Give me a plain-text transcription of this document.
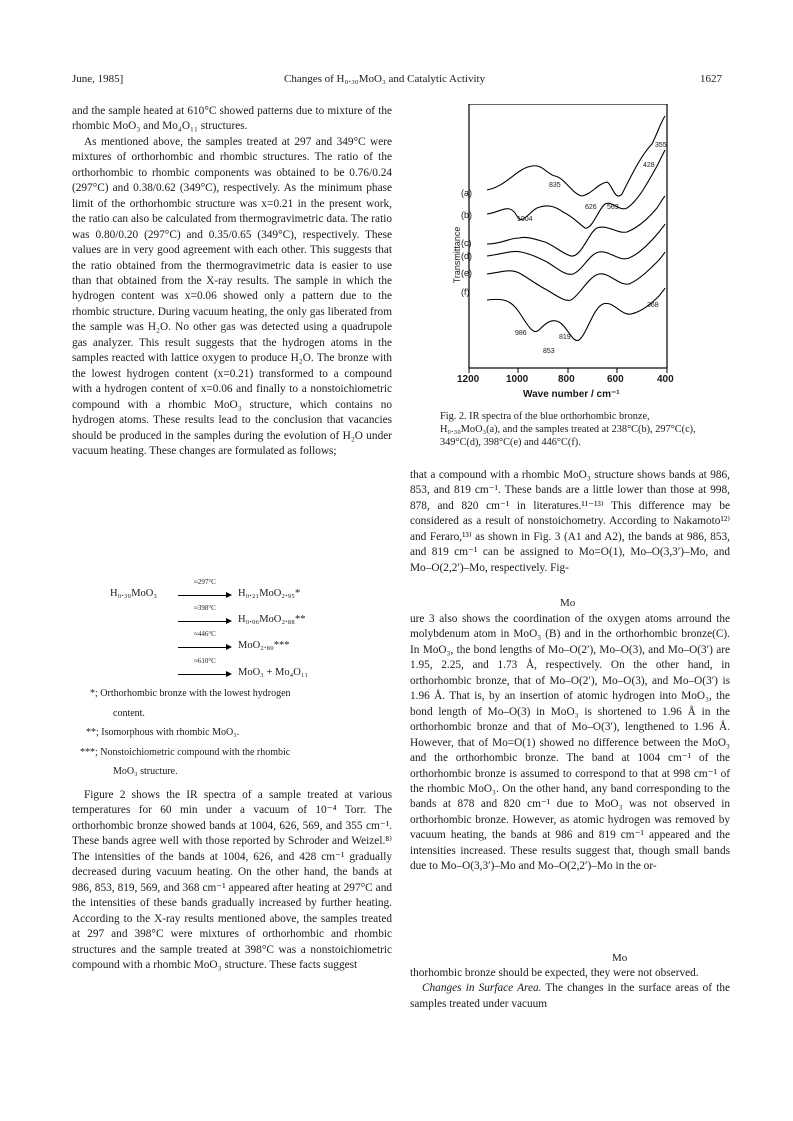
June, 1985]	Changes of H₀.₃₀MoO₃ and Catalytic Activity	1627

and the sample heated at 610°C showed patterns due to mixture of the rhombic MoO₃ and Mo₄O₁₁ structures.

As mentioned above, the samples treated at 297 and 349°C were mixtures of orthorhombic and rhombic structures. The ratio of the orthorhombic to rhombic components was obtained to be 0.76/0.24 (297°C) and 0.38/0.62 (349°C), respectively. As the minimum phase limit of the orthorhombic structure was x=0.21 in the present work, the ratio can also be calculated from thermogravimetric data. The ratio was 0.80/0.20 (297°C) and 0.35/0.65 (349°C), respectively. These values are in very good agreement with each other. This suggests that the ratio obtained from the thermogravimetric data is easier to use than that obtained from the X-ray results. The sample in which the hydrogen content was x=0.06 showed only a pattern due to the rhombic structure. During vacuum heating, the only gas liberated from the sample was H₂O. No other gas was detected using a quadrupole gas analyzer. This result suggests that the hydrogen atoms in the samples reacted with lattice oxygen to produce H₂O. The bronze with the lowest hydrogen content (x=0.21) transformed to a compound with a hydrogen content of x=0.06 and finally to a nonstoichiometric compound with a rhombic MoO₃ structure, which contains no hydrogen atoms. These results lead to the conclusion that vacancies should be produced in the samples during the evolution of H₂O under vacuum heating. These changes are formulated as follows;

H₀.₃₀MoO₃
≈297°C
H₀.₂₁MoO₂.₉₅*
≈398°C
H₀.₀₆MoO₂.₈₈**
≈446°C
MoO₂.₈₀***
≈610°C
MoO₃ + Mo₄O₁₁
*; Orthorhombic bronze with the lowest hydrogen
content.
**; Isomorphous with rhombic MoO₃.
***; Nonstoichiometric compound with the rhombic
MoO₃ structure.

Figure 2 shows the IR spectra of a sample treated at various temperatures for 60 min under a vacuum of 10⁻⁴ Torr. The orthorhombic bronze showed bands at 1004, 626, 569, and 355 cm⁻¹. These bands agree well with those reported by Schroder and Weizel.⁸⁾ The intensities of the bands at 1004, 626, and 428 cm⁻¹ gradually decreased during vacuum heating. On the other hand, the bands at 986, 853, 819, 569, and 368 cm⁻¹ appeared after heating at 297°C and the intensities of these bands gradually increased by further heating. According to the X-ray results mentioned above, the samples treated at 297 and 398°C were mixtures of orthorhombic and rhombic structures and the sample treated at 398°C was a nonstoichiometric compound with a rhombic MoO₃ structure. These facts suggest

Transmittance
(a)
(b)
(c)
(d)
(e)
(f)
355
428
835
626 569
1004
368
986
819
853
1200	1000	800	600	400
Wave number / cm⁻¹
Fig. 2. IR spectra of the blue orthorhombic bronze, H₀.₃₀MoO₃(a), and the samples treated at 238°C(b), 297°C(c), 349°C(d), 398°C(e) and 446°C(f).

that a compound with a rhombic MoO₃ structure shows bands at 986, 853, and 819 cm⁻¹. These bands are a little lower than those at 998, 878, and 820 cm⁻¹ in literatures.¹¹⁻¹³⁾ This difference may be considered as a result of nonstoichometry. According to Nakamoto¹²⁾ and Feraro,¹³⁾ as shown in Fig. 3 (A1 and A2), the bands at 986, 853, and 819 cm⁻¹ can be assigned to Mo=O(1), Mo–O(3,3′)–Mo, and Mo–O(2,2′)–Mo, respectively. Fig-

Mo

ure 3 also shows the coordination of the oxygen atoms arround the molybdenum atom in MoO₃ (B) and in the orthorhombic bronze(C). In MoO₃, the bond lengths of Mo–O(2′), Mo–O(3), and Mo–O(3′) are 1.95, 2.25, and 1.73 Å, respectively. On the other hand, in orthorhombic bronze, that of Mo–O(2′), Mo–O(3), and Mo–O(3′) is 1.96 Å. That is, by an insertion of atomic hydrogen into MoO₃, the bond length of Mo–O(3) in MoO₃ is shortened to 1.96 Å in the orthorhombic bronze and that of Mo–O(3′), lengthened to 1.96 Å. However, that of Mo=O(1) showed no difference between the MoO₃ and the orthorhombic bronze. The band at 1004 cm⁻¹ of the orthorhombic bronze is assumed to correspond to that at 998 cm⁻¹ of the rhombic MoO₃. On the other hand, any band corresponding to the bands at 878 and 820 cm⁻¹ due to MoO₃ was not observed in orthorhombic bronze. However, as atomic hydrogen was removed by vacuum heating, the bands at 986 and 819 cm⁻¹ appeared and the intensities increased. These results suggest that, though small bands due to Mo–O(3,3′)–Mo and Mo–O(2,2′)–Mo in the or-

Mo

thorhombic bronze should be expected, they were not observed.

Changes in Surface Area. The changes in the surface areas of the samples treated under vacuum
